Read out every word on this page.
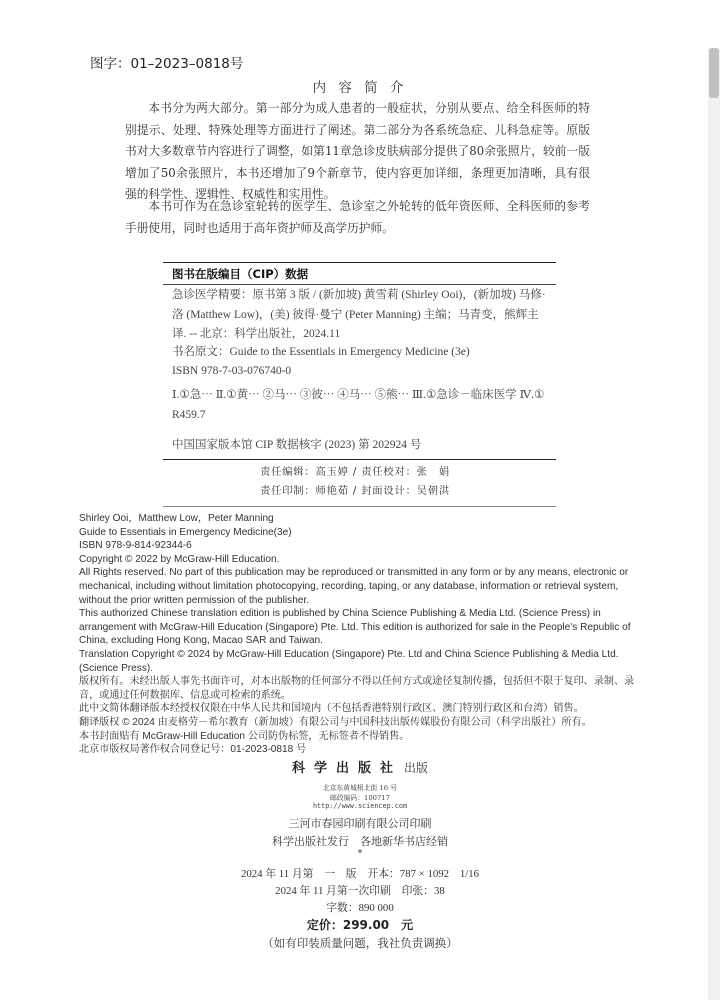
图字：01–2023–0818号
内 容 简 介
本书分为两大部分。第一部分为成人患者的一般症状，分别从要点、给全科医师的特别提示、处理、特殊处理等方面进行了阐述。第二部分为各系统急症、儿科急症等。原版书对大多数章节内容进行了调整，如第11章急诊皮肤病部分提供了80余张照片，较前一版增加了50余张照片，本书还增加了9个新章节，使内容更加详细，条理更加清晰，具有很强的科学性、逻辑性、权威性和实用性。
本书可作为在急诊室轮转的医学生、急诊室之外轮转的低年资医师、全科医师的参考手册使用，同时也适用于高年资护师及高学历护师。
图书在版编目（CIP）数据
急诊医学精要：原书第 3 版 / (新加坡) 黄雪莉 (Shirley Ooi)，(新加坡) 马修·洛 (Matthew Low)，(美) 彼得·曼宁 (Peter Manning) 主编；马青变，熊辉主译. -- 北京：科学出版社，2024.11
书名原文：Guide to the Essentials in Emergency Medicine (3e)
ISBN 978-7-03-076740-0
Ⅰ.①急⋯ Ⅱ.①黄⋯ ②马⋯ ③彼⋯ ④马⋯ ⑤熊⋯ Ⅲ.①急诊－临床医学 Ⅳ.① R459.7
中国国家版本馆 CIP 数据核字 (2023) 第 202924 号
责任编辑：高玉婷 / 责任校对：张　娟
责任印制：师艳茹 / 封面设计：吴朝洪

Shirley Ooi，Matthew Low，Peter Manning

Guide to Essentials in Emergency Medicine(3e)

ISBN 978-9-814-92344-6

Copyright © 2022 by McGraw-Hill Education.

All Rights reserved. No part of this publication may be reproduced or transmitted in any form or by any means, electronic or mechanical, including without limitation photocopying, recording, taping, or any database, information or retrieval system, without the prior written permission of the publisher.

This authorized Chinese translation edition is published by China Science Publishing & Media Ltd. (Science Press) in arrangement with McGraw-Hill Education (Singapore) Pte. Ltd. This edition is authorized for sale in the People's Republic of China, excluding Hong Kong, Macao SAR and Taiwan.

Translation Copyright © 2024 by McGraw-Hill Education (Singapore) Pte. Ltd and China Science Publishing & Media Ltd. (Science Press).

版权所有。未经出版人事先书面许可，对本出版物的任何部分不得以任何方式或途径复制传播，包括但不限于复印、录制、录音，或通过任何数据库、信息或可检索的系统。

此中文简体翻译版本经授权仅限在中华人民共和国境内（不包括香港特别行政区、澳门特别行政区和台湾）销售。

翻译版权 © 2024 由麦格劳－希尔教育（新加坡）有限公司与中国科技出版传媒股份有限公司（科学出版社）所有。

本书封面贴有 McGraw-Hill Education 公司防伪标签，无标签者不得销售。

北京市版权局著作权合同登记号：01-2023-0818 号

科学出版社 出版
北京东黄城根北街 16 号
邮政编码：100717
http://www.sciencep.com
三河市春园印刷有限公司印刷
科学出版社发行　各地新华书店经销
*
2024 年 11 月第　一　版　开本：787 × 1092　1/16
2024 年 11 月第一次印刷　印张：38
字数：890 000
定价：299.00　元
（如有印装质量问题，我社负责调换）
